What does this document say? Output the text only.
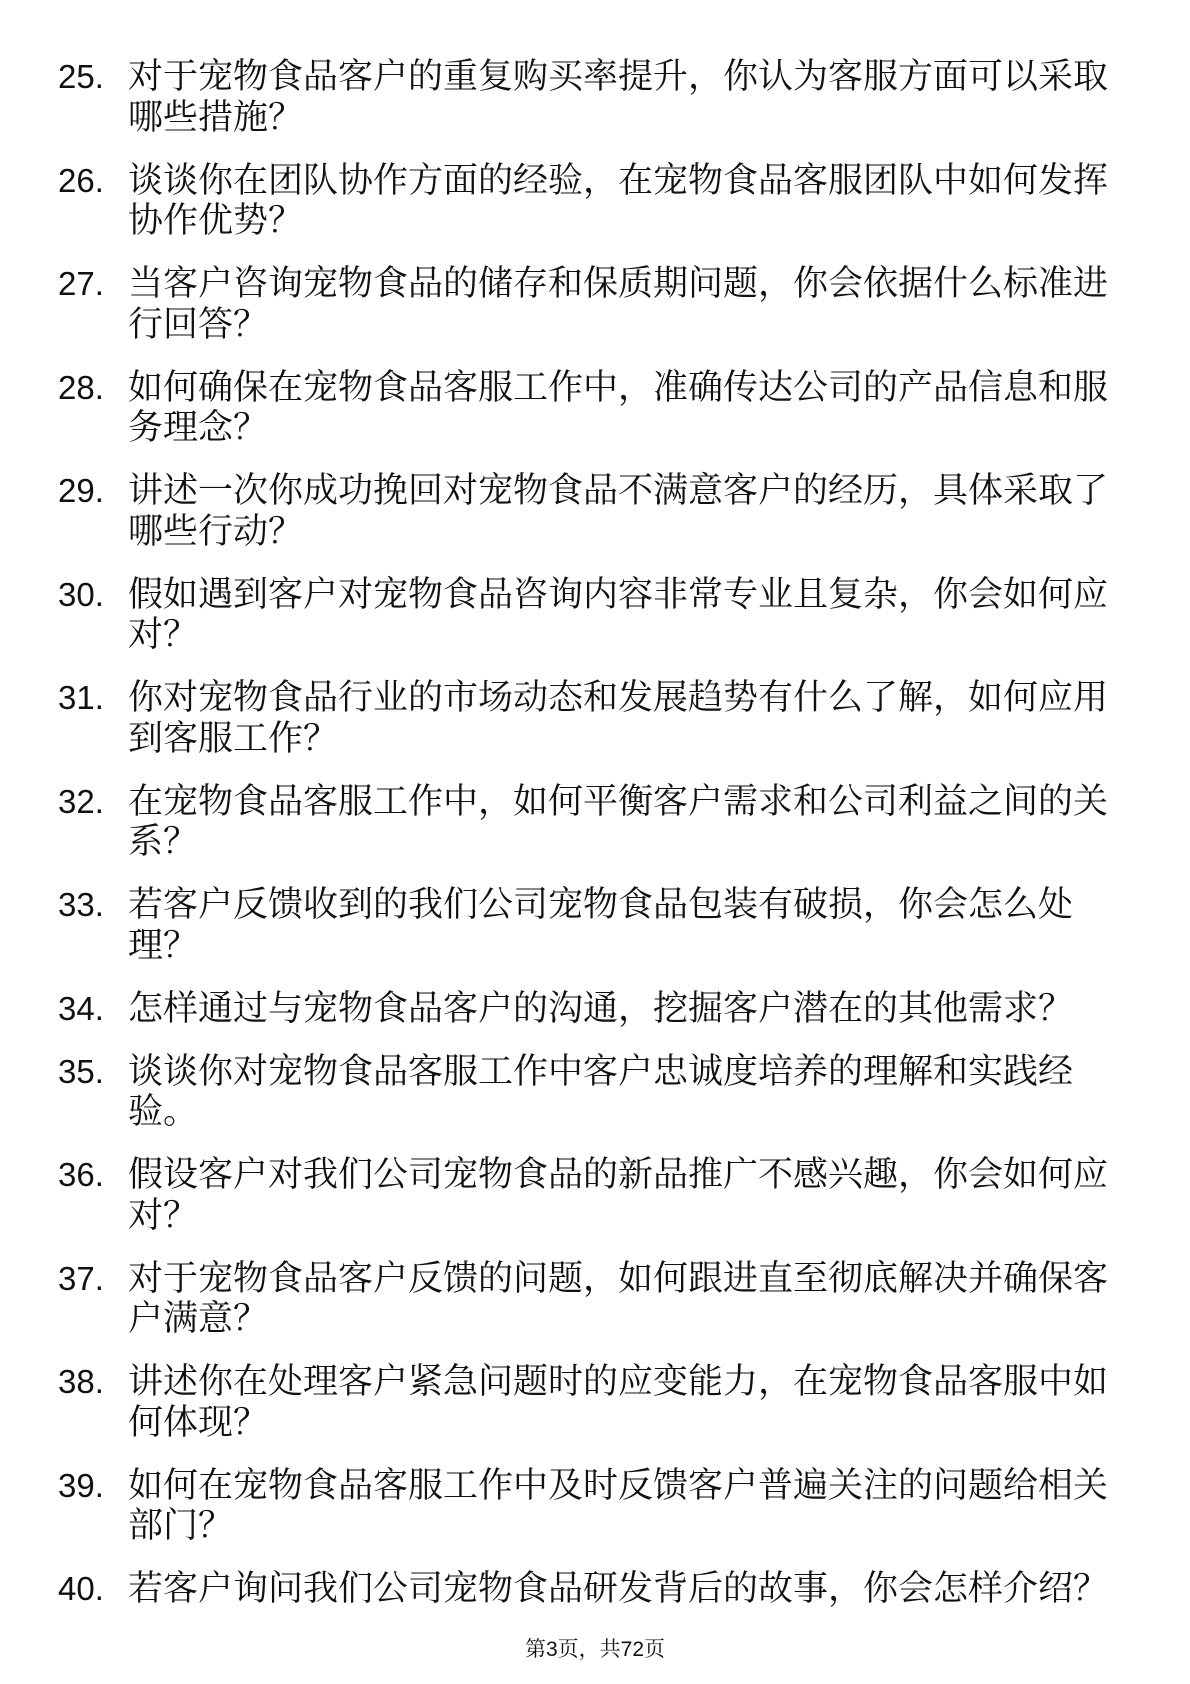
25. 对于宠物食品客户的重复购买率提升，你认为客服方面可以采取哪些措施？
26. 谈谈你在团队协作方面的经验，在宠物食品客服团队中如何发挥协作优势？
27. 当客户咨询宠物食品的储存和保质期问题，你会依据什么标准进行回答？
28. 如何确保在宠物食品客服工作中，准确传达公司的产品信息和服务理念？
29. 讲述一次你成功挽回对宠物食品不满意客户的经历，具体采取了哪些行动？
30. 假如遇到客户对宠物食品咨询内容非常专业且复杂，你会如何应对？
31. 你对宠物食品行业的市场动态和发展趋势有什么了解，如何应用到客服工作？
32. 在宠物食品客服工作中，如何平衡客户需求和公司利益之间的关系？
33. 若客户反馈收到的我们公司宠物食品包装有破损，你会怎么处理？
34. 怎样通过与宠物食品客户的沟通，挖掘客户潜在的其他需求？
35. 谈谈你对宠物食品客服工作中客户忠诚度培养的理解和实践经验。
36. 假设客户对我们公司宠物食品的新品推广不感兴趣，你会如何应对？
37. 对于宠物食品客户反馈的问题，如何跟进直至彻底解决并确保客户满意？
38. 讲述你在处理客户紧急问题时的应变能力，在宠物食品客服中如何体现？
39. 如何在宠物食品客服工作中及时反馈客户普遍关注的问题给相关部门？
40. 若客户询问我们公司宠物食品研发背后的故事，你会怎样介绍？
第3页，共72页
